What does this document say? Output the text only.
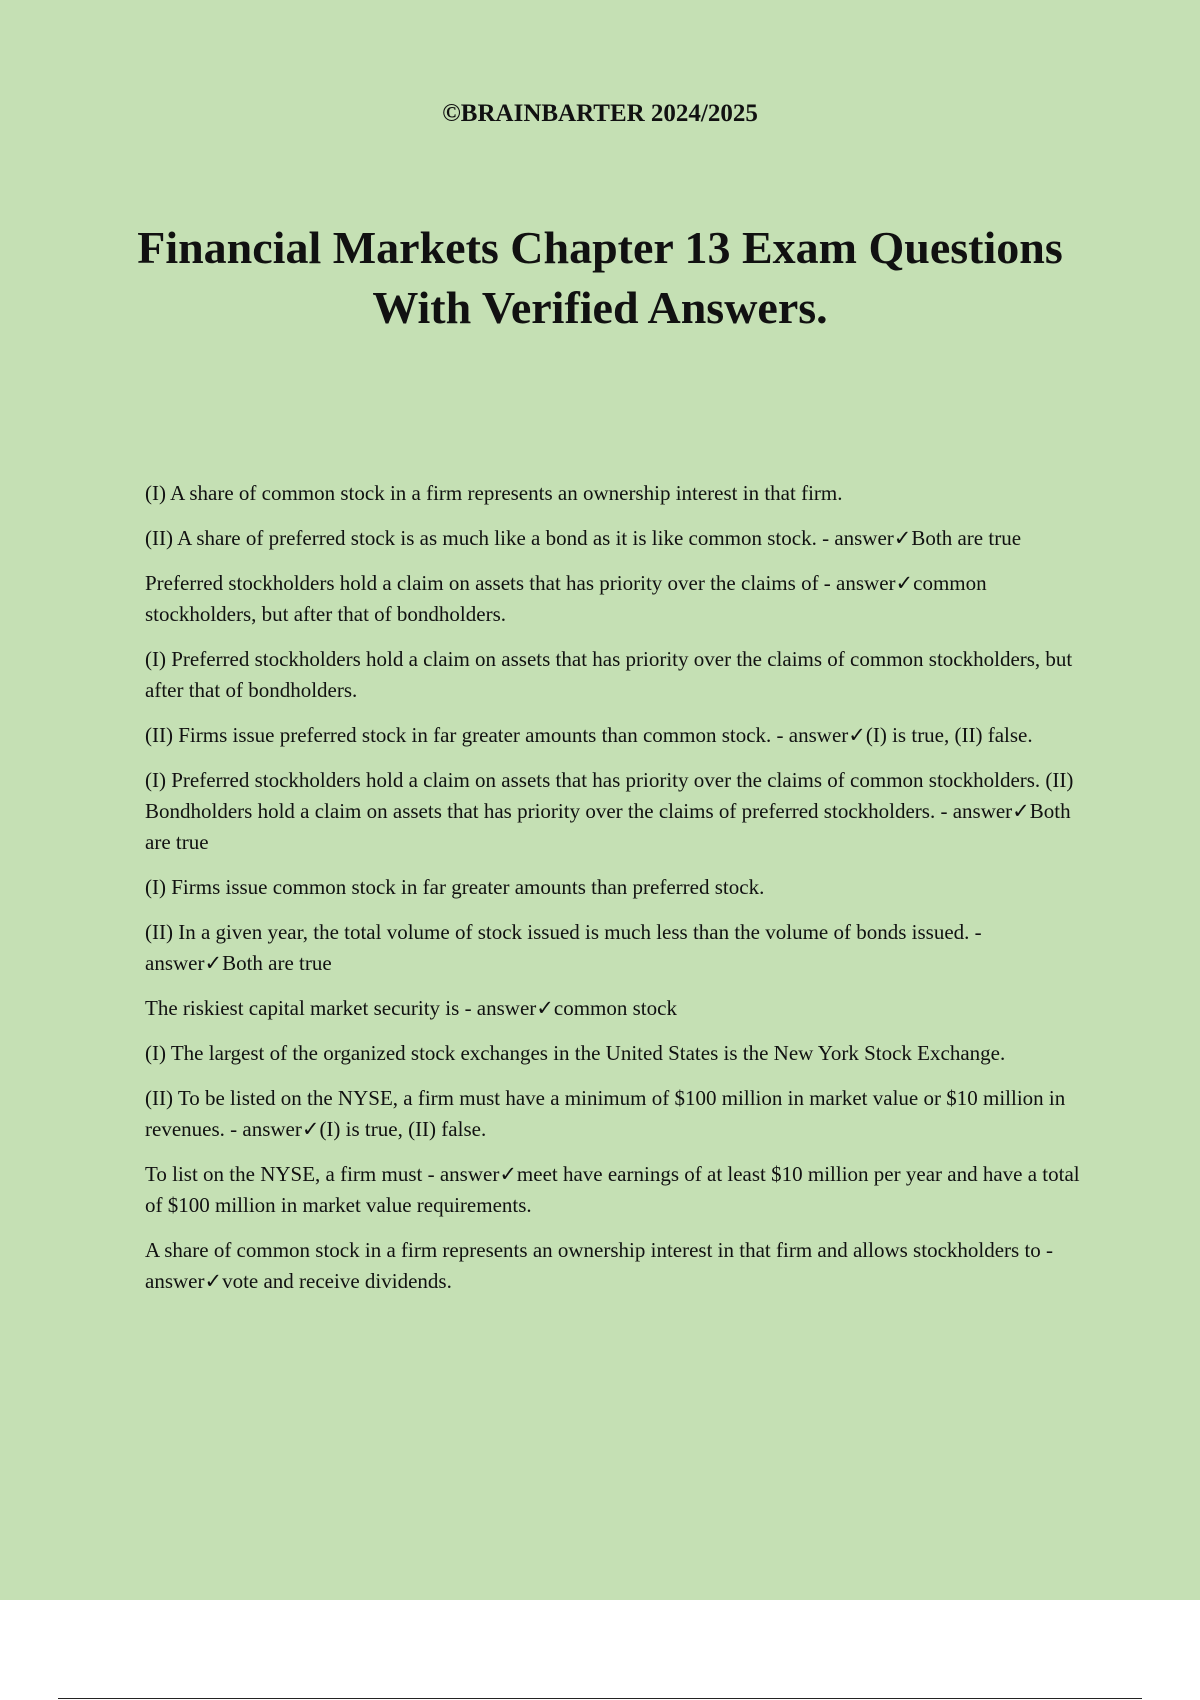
©BRAINBARTER 2024/2025
Financial Markets Chapter 13 Exam Questions With Verified Answers.

(I) A share of common stock in a firm represents an ownership interest in that firm.

(II) A share of preferred stock is as much like a bond as it is like common stock. - answer✓Both are true

Preferred stockholders hold a claim on assets that has priority over the claims of - answer✓common stockholders, but after that of bondholders.

(I) Preferred stockholders hold a claim on assets that has priority over the claims of common stockholders, but after that of bondholders.

(II) Firms issue preferred stock in far greater amounts than common stock. - answer✓(I) is true, (II) false.

(I) Preferred stockholders hold a claim on assets that has priority over the claims of common stockholders. (II) Bondholders hold a claim on assets that has priority over the claims of preferred stockholders. - answer✓Both are true

(I) Firms issue common stock in far greater amounts than preferred stock.

(II) In a given year, the total volume of stock issued is much less than the volume of bonds issued. - answer✓Both are true

The riskiest capital market security is - answer✓common stock

(I) The largest of the organized stock exchanges in the United States is the New York Stock Exchange.

(II) To be listed on the NYSE, a firm must have a minimum of $100 million in market value or $10 million in revenues. - answer✓(I) is true, (II) false.

To list on the NYSE, a firm must - answer✓meet have earnings of at least $10 million per year and have a total of $100 million in market value requirements.

A share of common stock in a firm represents an ownership interest in that firm and allows stockholders to - answer✓vote and receive dividends.
